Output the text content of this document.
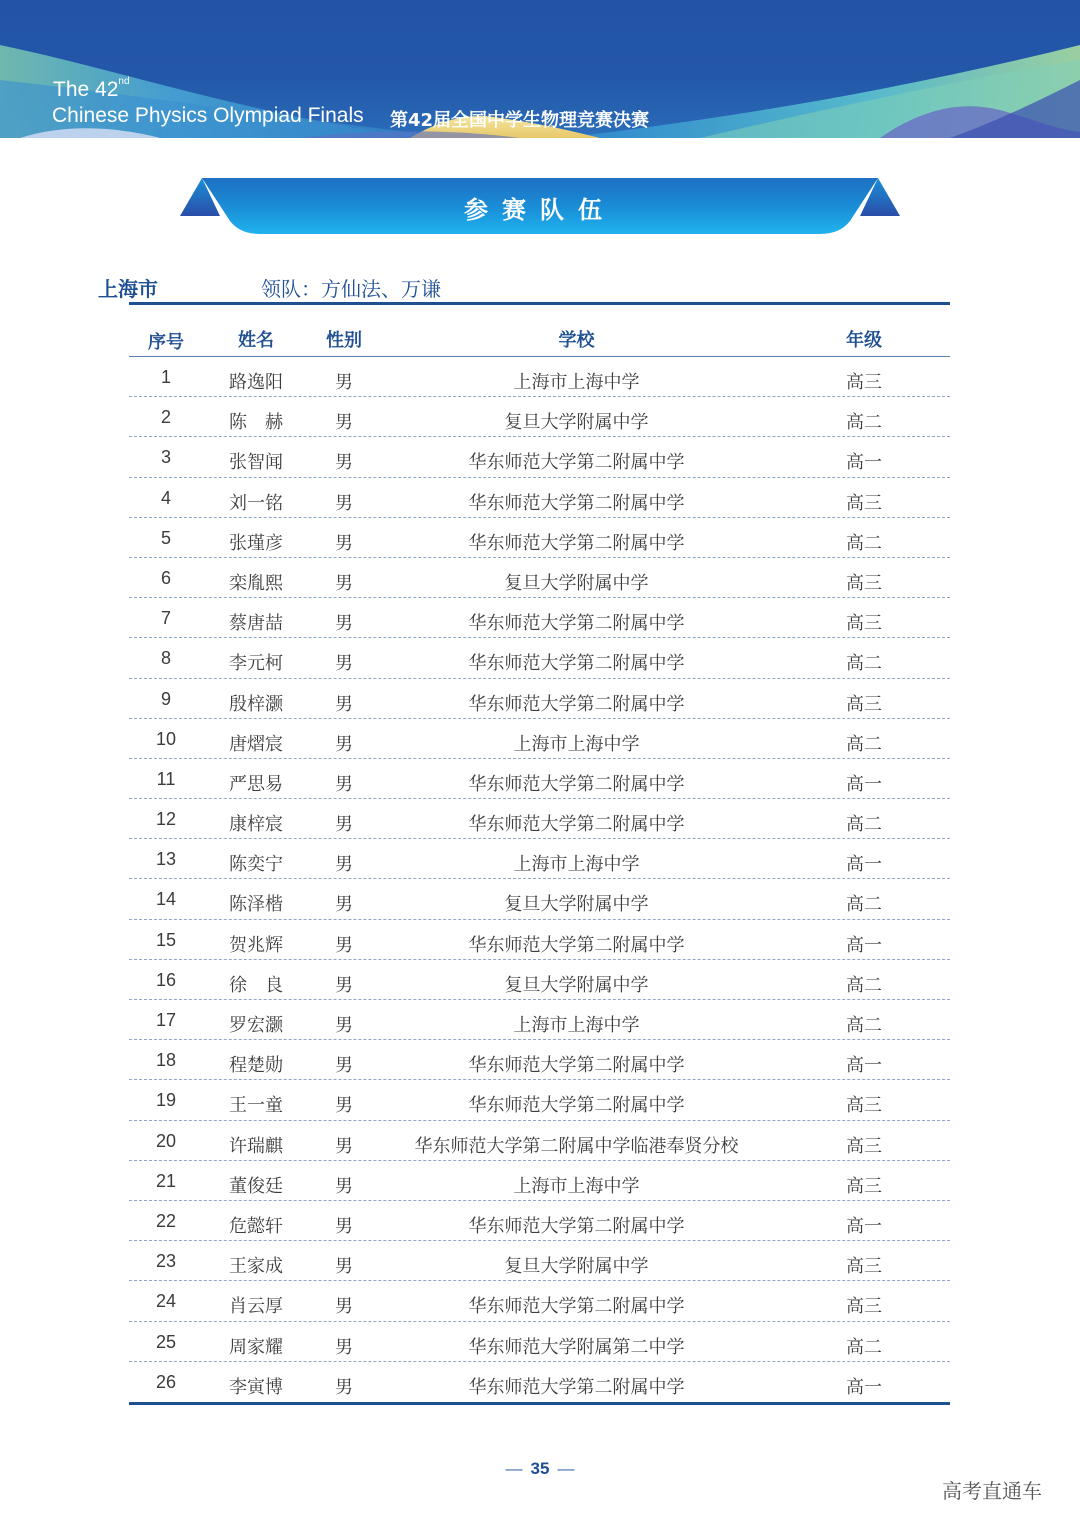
The 42nd
Chinese Physics Olympiad Finals 第42届全国中学生物理竞赛决赛
参赛队伍
上海市	领队：方仙法、万谦
序号	姓名	性别	学校	年级
1	路逸阳	男	上海市上海中学	高三
2	陈　赫	男	复旦大学附属中学	高二
3	张智闻	男	华东师范大学第二附属中学	高一
4	刘一铭	男	华东师范大学第二附属中学	高三
5	张瑾彦	男	华东师范大学第二附属中学	高二
6	栾胤熙	男	复旦大学附属中学	高三
7	蔡唐喆	男	华东师范大学第二附属中学	高三
8	李元柯	男	华东师范大学第二附属中学	高二
9	殷梓灏	男	华东师范大学第二附属中学	高三
10	唐熠宸	男	上海市上海中学	高二
11	严思易	男	华东师范大学第二附属中学	高一
12	康梓宸	男	华东师范大学第二附属中学	高二
13	陈奕宁	男	上海市上海中学	高一
14	陈泽楷	男	复旦大学附属中学	高二
15	贺兆辉	男	华东师范大学第二附属中学	高一
16	徐　良	男	复旦大学附属中学	高二
17	罗宏灏	男	上海市上海中学	高二
18	程楚勋	男	华东师范大学第二附属中学	高一
19	王一童	男	华东师范大学第二附属中学	高三
20	许瑞麒	男	华东师范大学第二附属中学临港奉贤分校	高三
21	董俊廷	男	上海市上海中学	高三
22	危懿轩	男	华东师范大学第二附属中学	高一
23	王家成	男	复旦大学附属中学	高三
24	肖云厚	男	华东师范大学第二附属中学	高三
25	周家耀	男	华东师范大学附属第二中学	高二
26	李寅博	男	华东师范大学第二附属中学	高一
— 35 —
高考直通车
